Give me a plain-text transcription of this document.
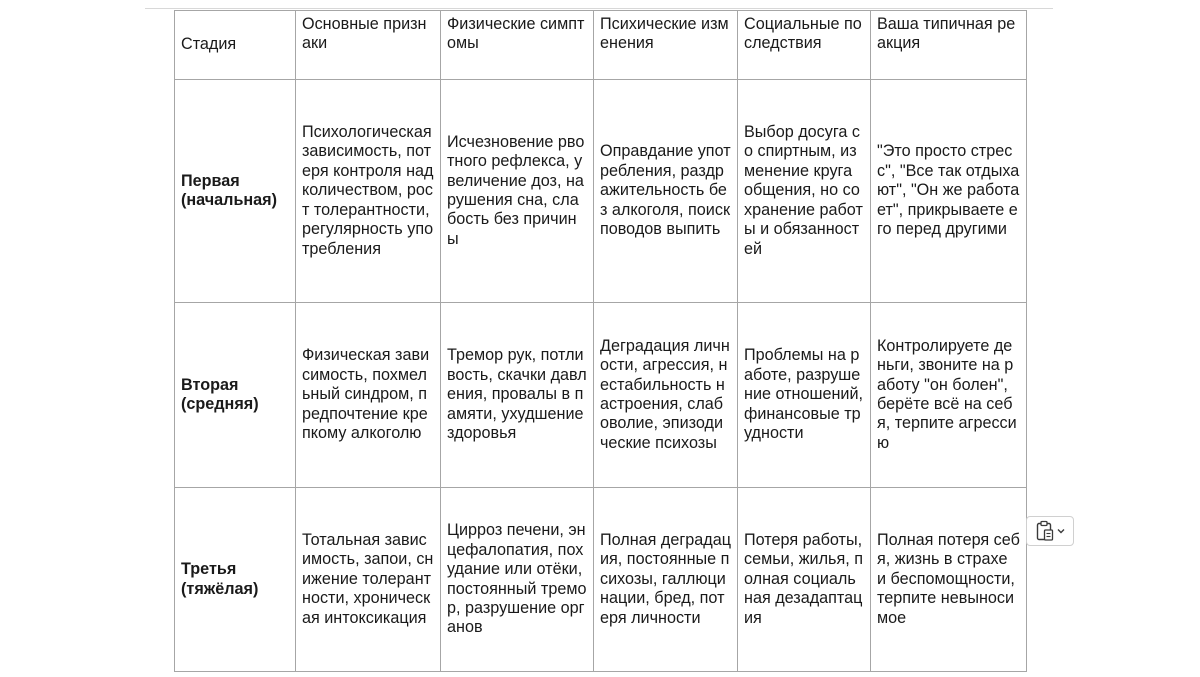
Стадия	Основные признаки	Физические симптомы	Психические изменения	Социальные последствия	Ваша типичная реакция
Первая
(начальная)	Психологическая зависимость, потеря контроля над количеством, рост толерантности, регулярность употребления	Исчезновение рвотного рефлекса, увеличение доз, нарушения сна, слабость без причины	Оправдание употребления, раздражительность без алкоголя, поиск поводов выпить	Выбор досуга со спиртным, изменение круга общения, но сохранение работы и обязанностей	"Это просто стресс", "Все так отдыхают", "Он же работает", прикрываете его перед другими
Вторая
(средняя)	Физическая зависимость, похмельный синдром, предпочтение крепкому алкоголю	Тремор рук, потливость, скачки давления, провалы в памяти, ухудшение здоровья	Деградация личности, агрессия, нестабильность настроения, слабоволие, эпизодические психозы	Проблемы на работе, разрушение отношений, финансовые трудности	Контролируете деньги, звоните на работу "он болен", берёте всё на себя, терпите агрессию
Третья
(тяжёлая)	Тотальная зависимость, запои, снижение толерантности, хроническая интоксикация	Цирроз печени, энцефалопатия, похудание или отёки, постоянный тремор, разрушение органов	Полная деградация, постоянные психозы, галлюцинации, бред, потеря личности	Потеря работы, семьи, жилья, полная социальная дезадаптация	Полная потеря себя, жизнь в страхе и беспомощности, терпите невыносимое
